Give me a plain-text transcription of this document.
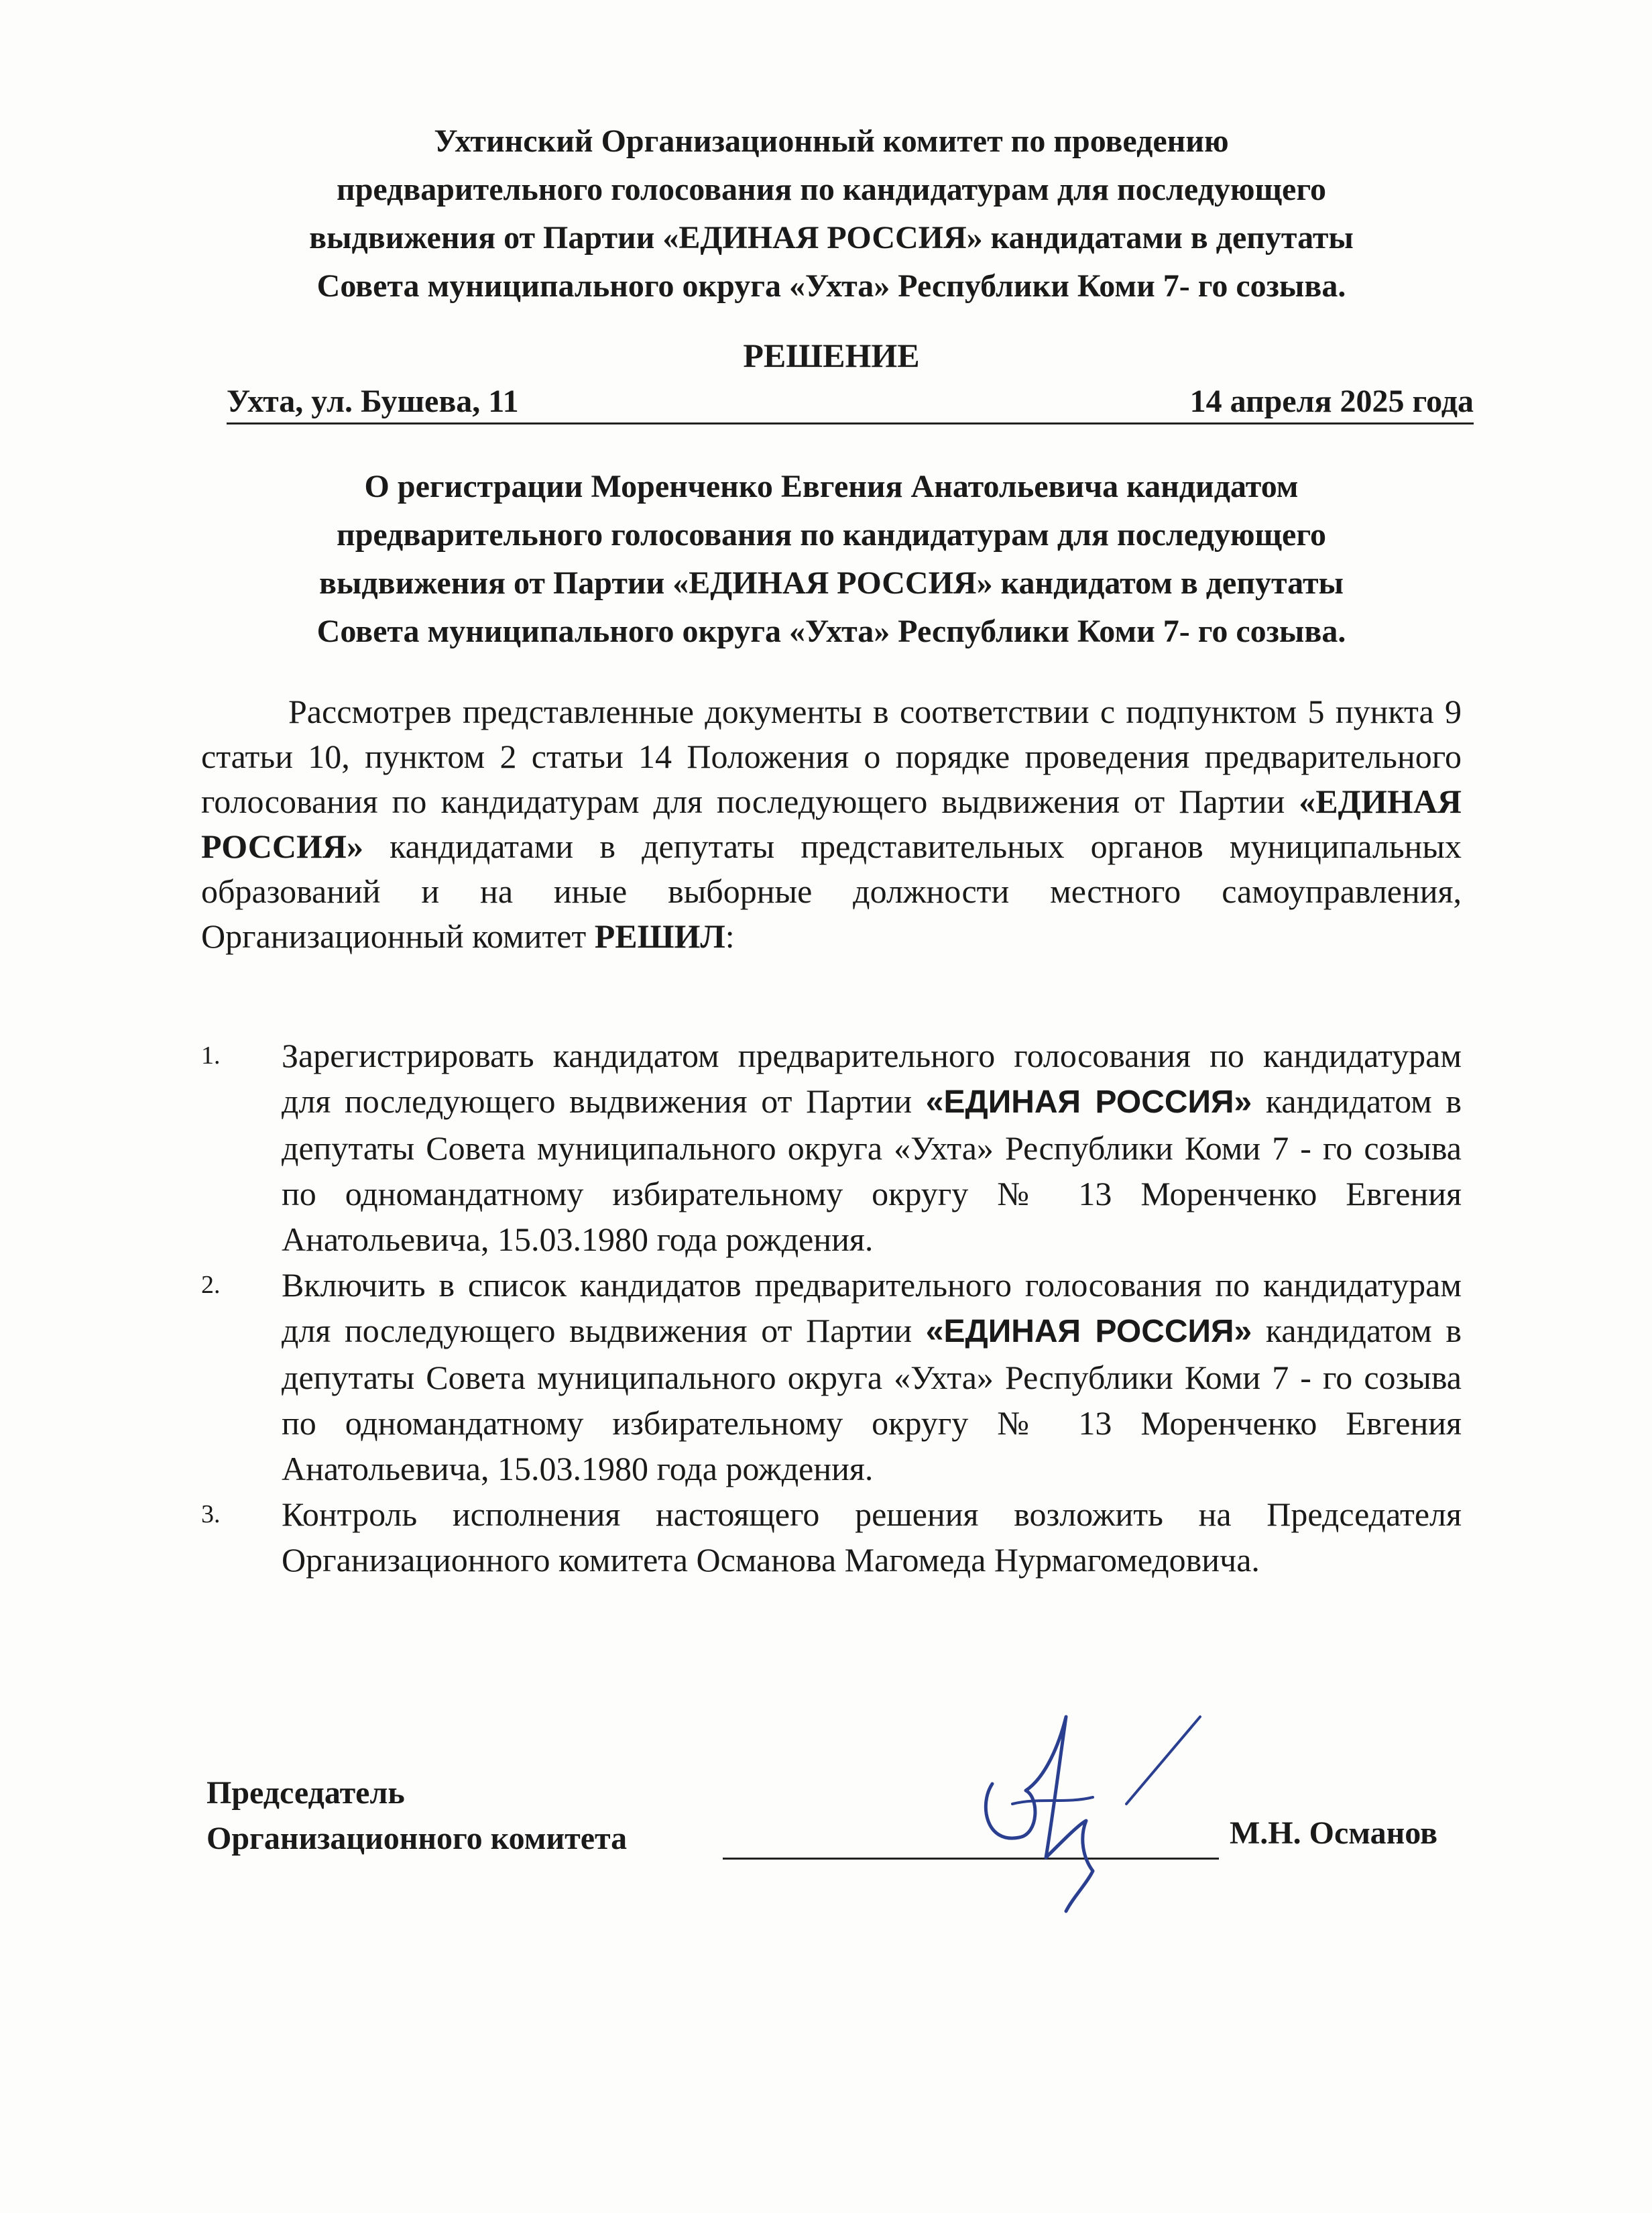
Ухтинский Организационный комитет по проведению
предварительного голосования по кандидатурам для последующего
выдвижения от Партии «ЕДИНАЯ РОССИЯ» кандидатами в депутаты
Совета муниципального округа «Ухта» Республики Коми 7- го созыва.
РЕШЕНИЕ
Ухта, ул. Бушева, 11	14 апреля 2025 года
О регистрации Моренченко Евгения Анатольевича кандидатом
предварительного голосования по кандидатурам для последующего
выдвижения от Партии «ЕДИНАЯ РОССИЯ» кандидатом в депутаты
Совета муниципального округа «Ухта» Республики Коми 7- го созыва.
Рассмотрев представленные документы в соответствии с подпунктом 5 пункта 9 статьи 10, пунктом 2 статьи 14 Положения о порядке проведения предварительного голосования по кандидатурам для последующего выдвижения от Партии «ЕДИНАЯ РОССИЯ» кандидатами в депутаты представительных органов муниципальных образований и на иные выборные должности местного самоуправления, Организационный комитет РЕШИЛ:
1. Зарегистрировать кандидатом предварительного голосования по кандидатурам для последующего выдвижения от Партии «ЕДИНАЯ РОССИЯ» кандидатом в депутаты Совета муниципального округа «Ухта» Республики Коми 7 - го созыва по одномандатному избирательному округу № 13 Моренченко Евгения Анатольевича, 15.03.1980 года рождения.
2. Включить в список кандидатов предварительного голосования по кандидатурам для последующего выдвижения от Партии «ЕДИНАЯ РОССИЯ» кандидатом в депутаты Совета муниципального округа «Ухта» Республики Коми 7 - го созыва по одномандатному избирательному округу № 13 Моренченко Евгения Анатольевича, 15.03.1980 года рождения.
3. Контроль исполнения настоящего решения возложить на Председателя Организационного комитета Османова Магомеда Нурмагомедовича.
Председатель
Организационного комитета	М.Н. Османов
